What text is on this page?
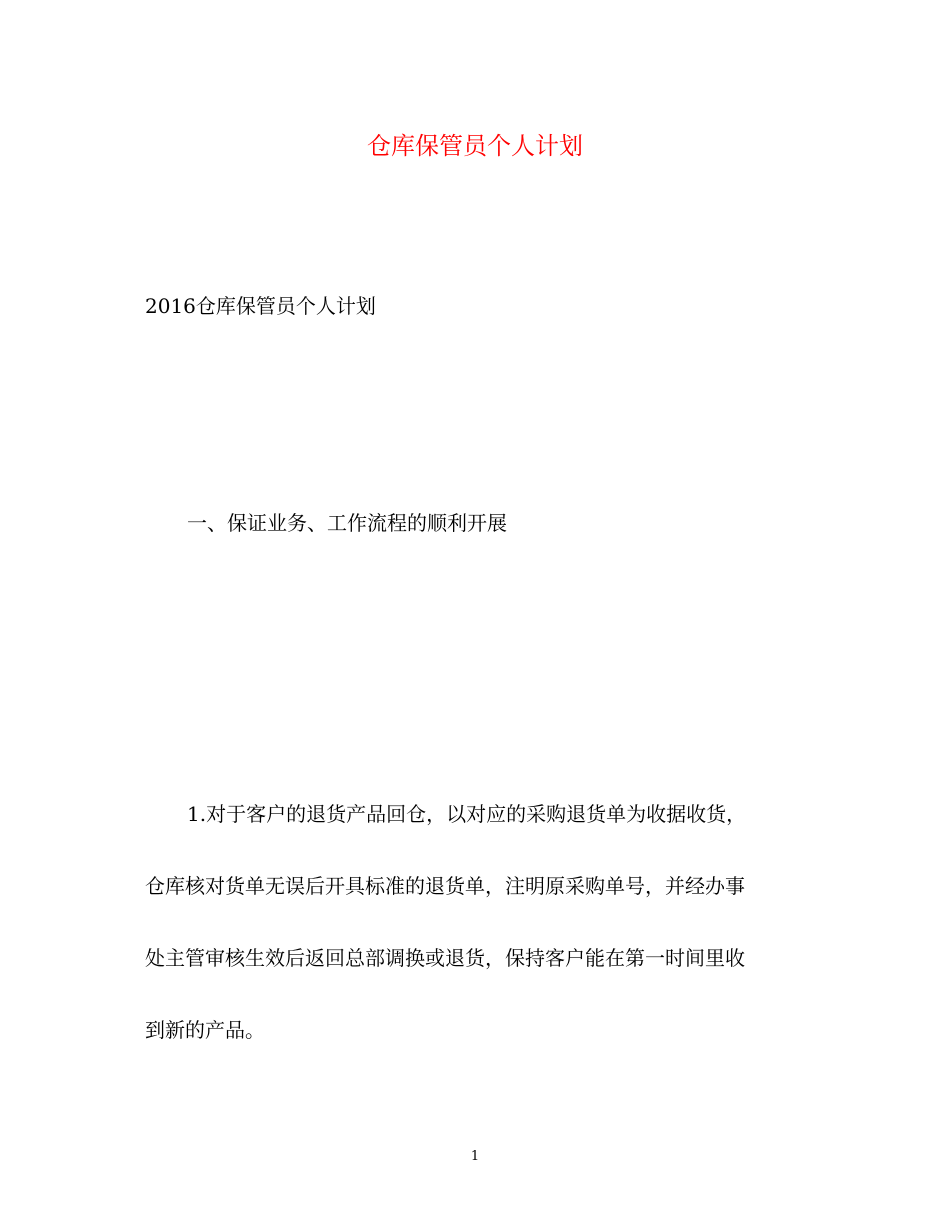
仓库保管员个人计划
2016仓库保管员个人计划
一、保证业务、工作流程的顺利开展
1.对于客户的退货产品回仓，以对应的采购退货单为收据收货，
仓库核对货单无误后开具标准的退货单，注明原采购单号，并经办事
处主管审核生效后返回总部调换或退货，保持客户能在第一时间里收
到新的产品。
1
